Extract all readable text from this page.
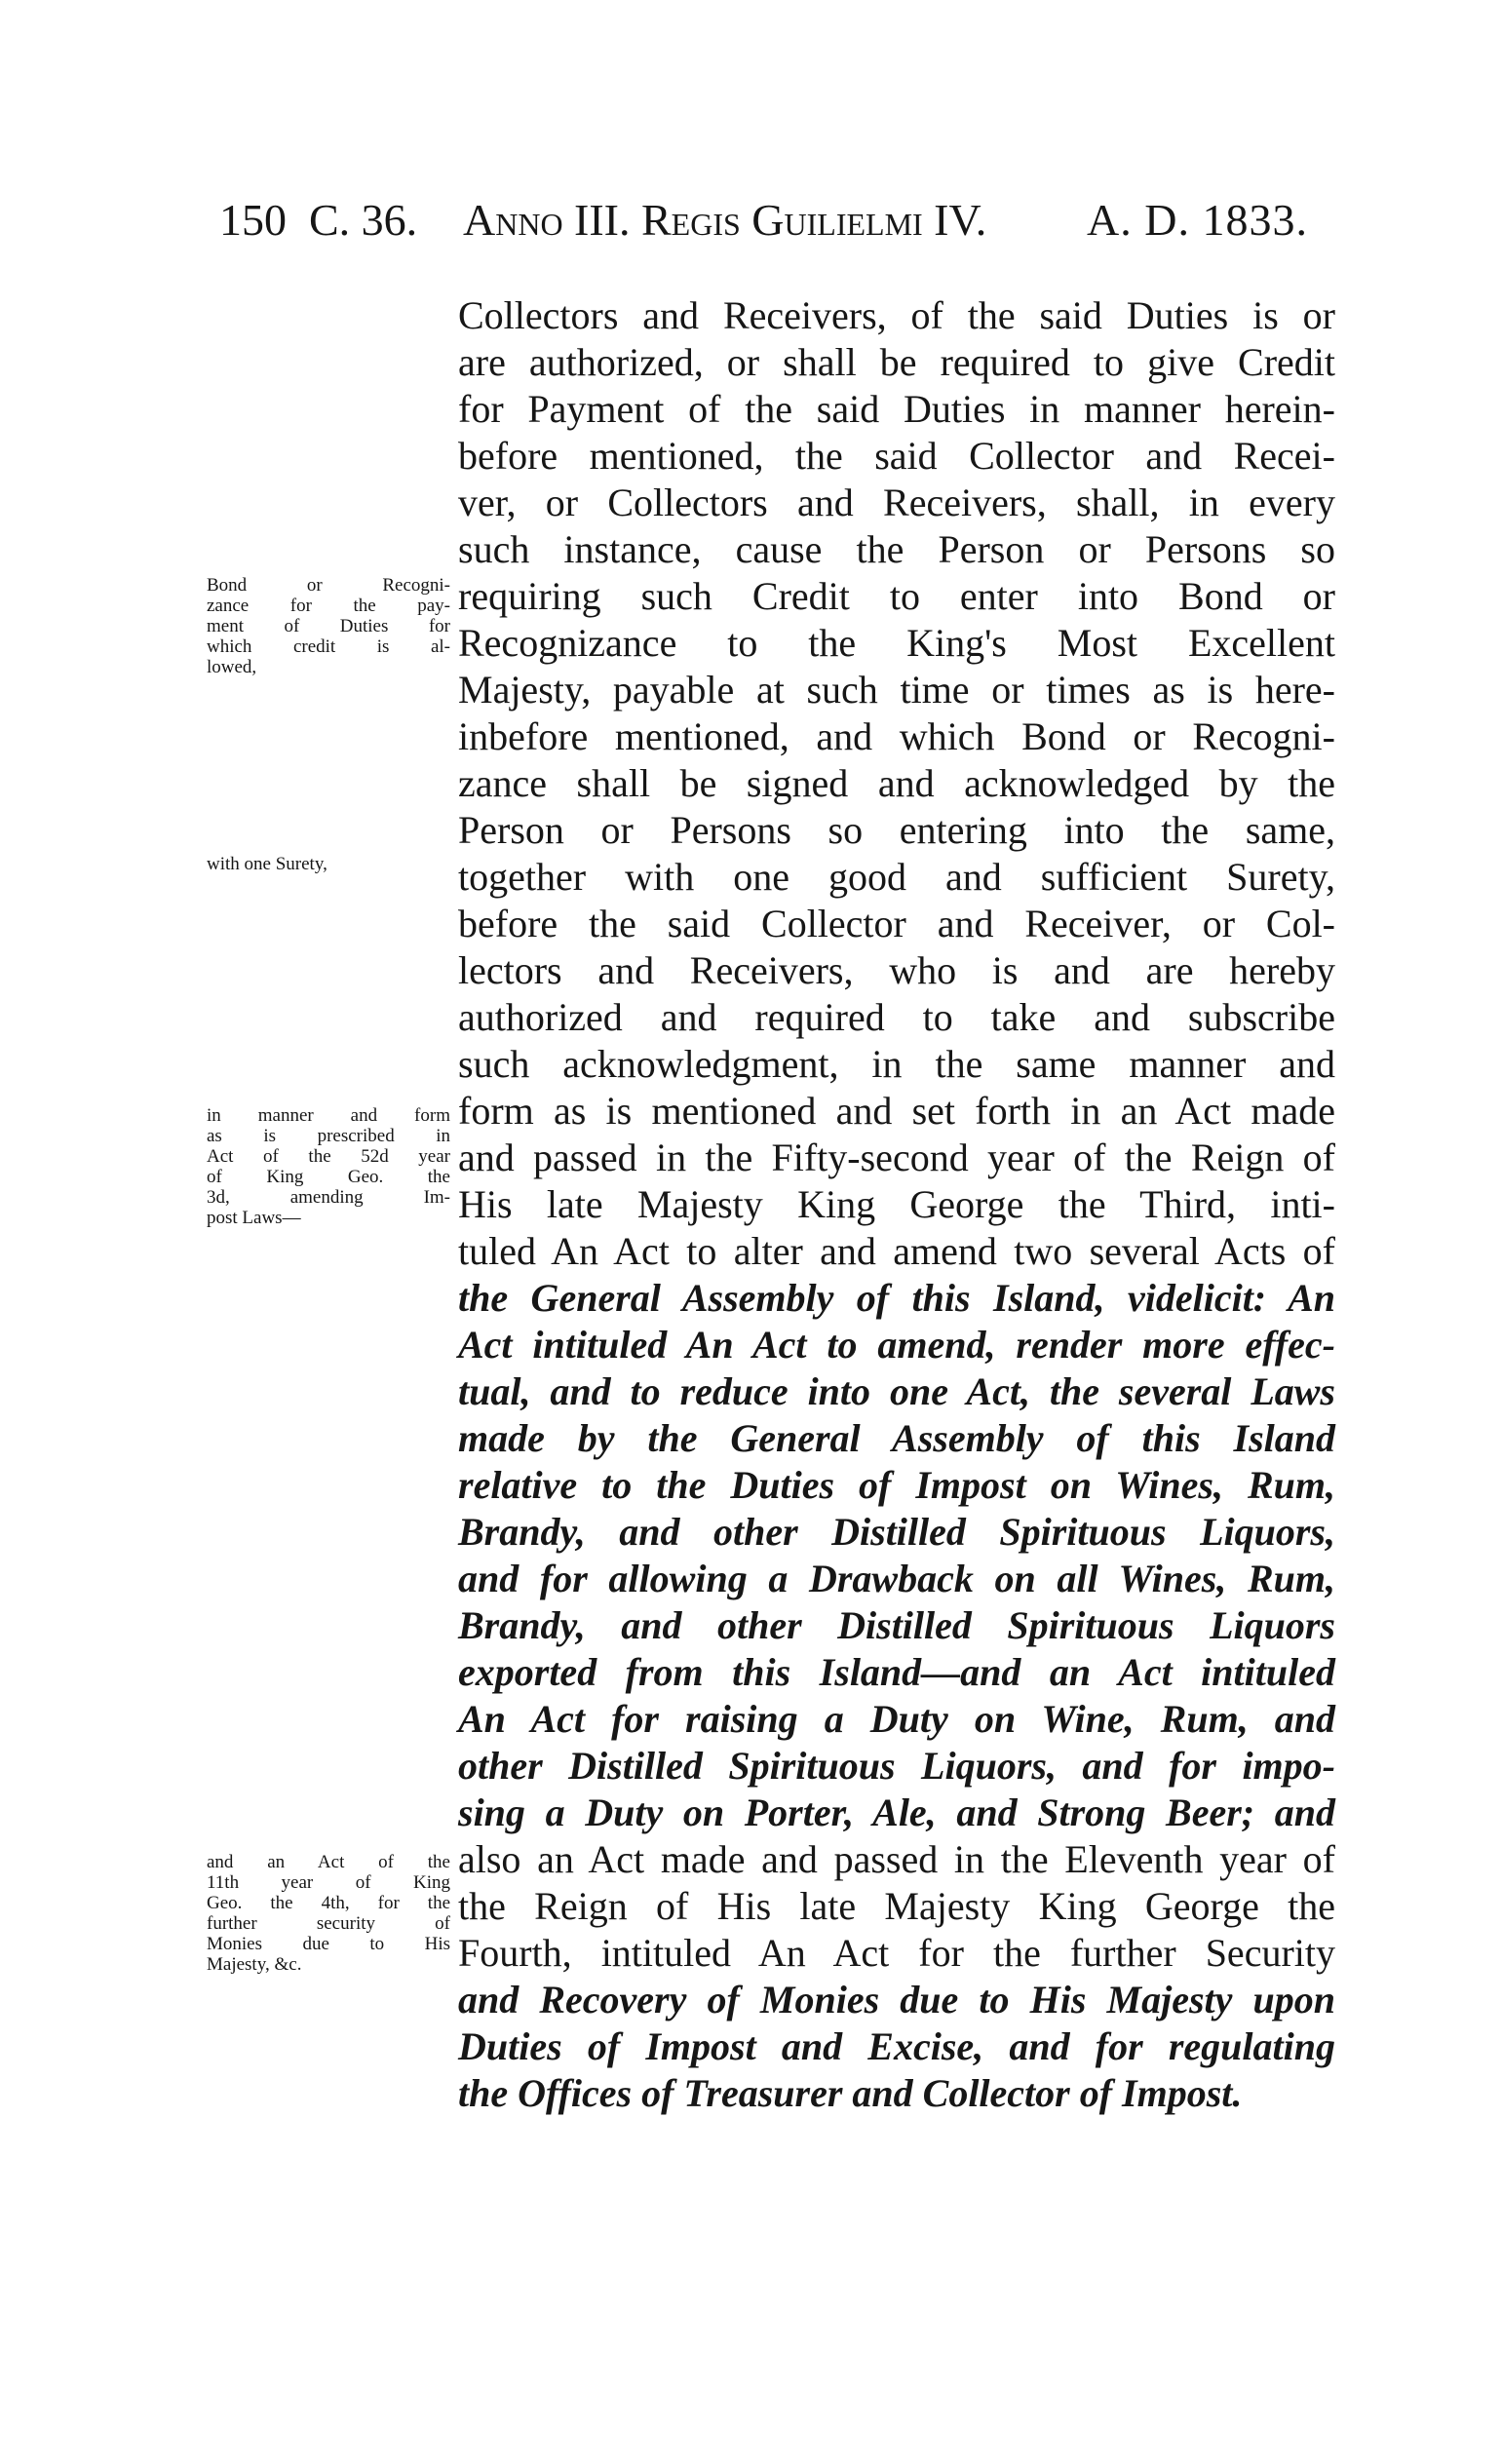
150 C. 36. Anno III. Regis Guilielmi IV. A. D. 1833.
Collectors and Receivers, of the said Duties is or
are authorized, or shall be required to give Credit
for Payment of the said Duties in manner herein-
before mentioned, the said Collector and Recei-
ver, or Collectors and Receivers, shall, in every
such instance, cause the Person or Persons so
requiring such Credit to enter into Bond or
Recognizance to the King's Most Excellent
Majesty, payable at such time or times as is here-
inbefore mentioned, and which Bond or Recogni-
zance shall be signed and acknowledged by the
Person or Persons so entering into the same,
together with one good and sufficient Surety,
before the said Collector and Receiver, or Col-
lectors and Receivers, who is and are hereby
authorized and required to take and subscribe
such acknowledgment, in the same manner and
form as is mentioned and set forth in an Act made
and passed in the Fifty-second year of the Reign of
His late Majesty King George the Third, inti-
tuled An Act to alter and amend two several Acts of
the General Assembly of this Island, videlicit: An
Act intituled An Act to amend, render more effec-
tual, and to reduce into one Act, the several Laws
made by the General Assembly of this Island
relative to the Duties of Impost on Wines, Rum,
Brandy, and other Distilled Spirituous Liquors,
and for allowing a Drawback on all Wines, Rum,
Brandy, and other Distilled Spirituous Liquors
exported from this Island—and an Act intituled
An Act for raising a Duty on Wine, Rum, and
other Distilled Spirituous Liquors, and for impo-
sing a Duty on Porter, Ale, and Strong Beer; and
also an Act made and passed in the Eleventh year of
the Reign of His late Majesty King George the
Fourth, intituled An Act for the further Security
and Recovery of Monies due to His Majesty upon
Duties of Impost and Excise, and for regulating
the Offices of Treasurer and Collector of Impost.
Bond or Recogni-
zance for the pay-
ment of Duties for
which credit is al-
lowed,
with one Surety,
in manner and form
as is prescribed in
Act of the 52d year
of King Geo. the
3d, amending Im-
post Laws—
and an Act of the
11th year of King
Geo. the 4th, for the
further security of
Monies due to His
Majesty, &c.
